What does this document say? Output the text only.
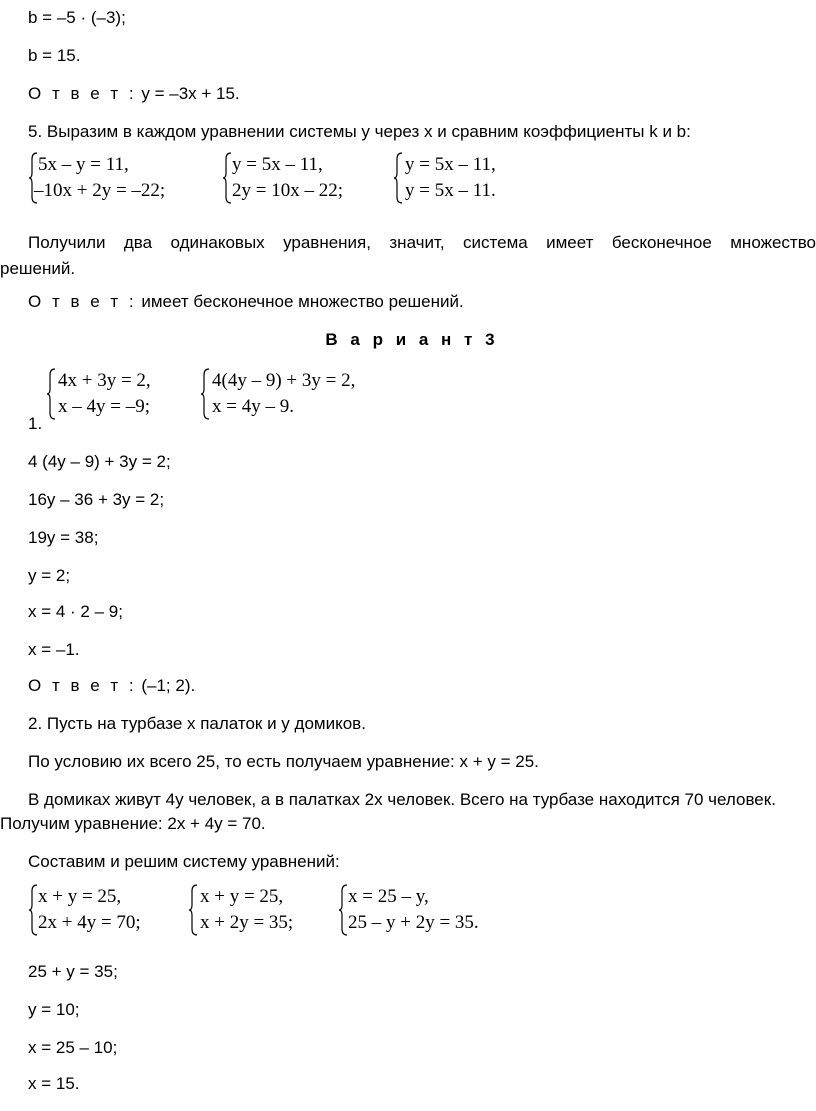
b = –5 · (–3);
b = 15.
О т в е т : y = –3x + 15.
5. Выразим в каждом уравнении системы y через x и сравним коэффициенты k и b:
5x – y = 11,
–10x + 2y = –22;
y = 5x – 11,
2y = 10x – 22;
y = 5x – 11,
y = 5x – 11.
Получили два одинаковых уравнения, значит, система имеет бесконечное множество
решений.
О т в е т : имеет бесконечное множество решений.
В а р и а н т 3
4x + 3y = 2,
x – 4y = –9;
4(4y – 9) + 3y = 2,
x = 4y – 9.
1.
4 (4y – 9) + 3y = 2;
16y – 36 + 3y = 2;
19y = 38;
y = 2;
x = 4 · 2 – 9;
x = –1.
О т в е т : (–1; 2).
2. Пусть на турбазе x палаток и y домиков.
По условию их всего 25, то есть получаем уравнение: x + y = 25.
В домиках живут 4y человек, а в палатках 2x человек. Всего на турбазе находится 70 человек.
Получим уравнение: 2x + 4y = 70.
Составим и решим систему уравнений:
x + y = 25,
2x + 4y = 70;
x + y = 25,
x + 2y = 35;
x = 25 – y,
25 – y + 2y = 35.
25 + y = 35;
y = 10;
x = 25 – 10;
x = 15.
